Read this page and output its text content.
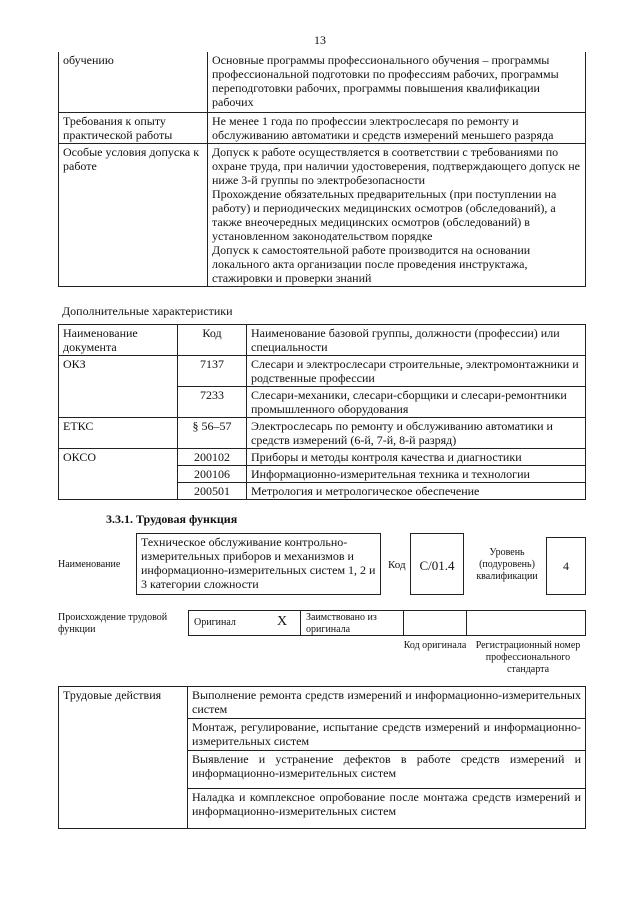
13
обучению	Основные программы профессионального обучения – программы профессиональной подготовки по профессиям рабочих, программы переподготовки рабочих, программы повышения квалификации рабочих
Требования к опыту практической работы	Не менее 1 года по профессии электрослесаря по ремонту и обслуживанию автоматики и средств измерений меньшего разряда
Особые условия допуска к работе	Допуск к работе осуществляется в соответствии с требованиями по охране труда, при наличии удостоверения, подтверждающего допуск не ниже 3-й группы по электробезопасности
Прохождение обязательных предварительных (при поступлении на работу) и периодических медицинских осмотров (обследований), а также внеочередных медицинских осмотров (обследований) в установленном законодательством порядке
Допуск к самостоятельной работе производится на основании локального акта организации после проведения инструктажа, стажировки и проверки знаний
Дополнительные характеристики
Наименование документа	Код	Наименование базовой группы, должности (профессии) или специальности
ОКЗ	7137	Слесари и электрослесари строительные, электромонтажники и родственные профессии
	7233	Слесари-механики, слесари-сборщики и слесари-ремонтники промышленного оборудования
ЕТКС	§ 56–57	Электрослесарь по ремонту и обслуживанию автоматики и средств измерений (6-й, 7-й, 8-й разряд)
ОКСО	200102	Приборы и методы контроля качества и диагностики
	200106	Информационно-измерительная техника и технологии
	200501	Метрология и метрологическое обеспечение
3.3.1. Трудовая функция
Наименование
Техническое обслуживание контрольно-измерительных приборов и механизмов и информационно-измерительных систем 1, 2 и 3 категории сложности
Код	С/01.4
Уровень (подуровень) квалификации
4
Происхождение трудовой функции
Оригинал	X Заимствовано из оригинала
Код оригинала Регистрационный номер профессионального стандарта
Трудовые действия	Выполнение ремонта средств измерений и информационно-измерительных систем
Монтаж, регулирование, испытание средств измерений и информационно-измерительных систем
Выявление и устранение дефектов в работе средств измерений и информационно-измерительных систем
Наладка и комплексное опробование после монтажа средств измерений и информационно-измерительных систем
